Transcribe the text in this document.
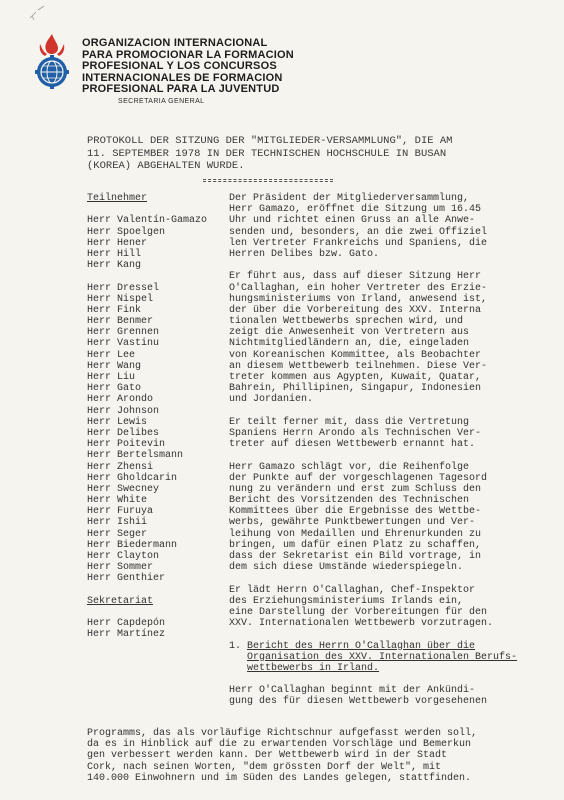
ORGANIZACION INTERNACIONAL
PARA PROMOCIONAR LA FORMACION
PROFESIONAL Y LOS CONCURSOS
INTERNACIONALES DE FORMACION
PROFESIONAL PARA LA JUVENTUD
SECRETARIA GENERAL
PROTOKOLL DER SITZUNG DER "MITGLIEDER-VERSAMMLUNG", DIE AM
11. SEPTEMBER 1978 IN DER TECHNISCHEN HOCHSCHULE IN BUSAN
(KOREA) ABGEHALTEN WURDE.
Teilnehmer

Herr Valentín-Gamazo
Herr Spoelgen
Herr Hener
Herr Hill
Herr Kang

Herr Dressel
Herr Nispel
Herr Fink
Herr Benmer
Herr Grennen
Herr Vastinu
Herr Lee
Herr Wang
Herr Liu
Herr Gato
Herr Arondo
Herr Johnson
Herr Lewis
Herr Delibes
Herr Poitevin
Herr Bertelsmann
Herr Zhensi
Herr Gholdcarin
Herr Swecney
Herr White
Herr Furuya
Herr Ishii
Herr Seger
Herr Biedermann
Herr Clayton
Herr Sommer
Herr Genthier

Sekretariat

Herr Capdepón
Herr Martínez
Der Präsident der Mitgliederversammlung,
Herr Gamazo, eröffnet die Sitzung um 16.45
Uhr und richtet einen Gruss an alle Anwe-
senden und, besonders, an die zwei Offiziel
len Vertreter Frankreichs und Spaniens, die
Herren Delibes bzw. Gato.

Er führt aus, dass auf dieser Sitzung Herr
O'Callaghan, ein hoher Vertreter des Erzie-
hungsministeriums von Irland, anwesend ist,
der über die Vorbereitung des XXV. Interna
tionalen Wettbewerbs sprechen wird, und
zeigt die Anwesenheit von Vertretern aus
Nichtmitgliedländern an, die, eingeladen
von Koreanischen Kommittee, als Beobachter
an diesem Wettbewerb teilnehmen. Diese Ver-
treter kommen aus Agypten, Kuwait, Quatar,
Bahrein, Phillipinen, Singapur, Indonesien
und Jordanien.

Er teilt ferner mit, dass die Vertretung
Spaniens Herrn Arondo als Technischen Ver-
treter auf diesen Wettbewerb ernannt hat.

Herr Gamazo schlägt vor, die Reihenfolge
der Punkte auf der vorgeschlagenen Tagesord
nung zu verändern und erst zum Schluss den
Bericht des Vorsitzenden des Technischen
Kommittees über die Ergebnisse des Wettbe-
werbs, gewährte Punktbewertungen und Ver-
leihung von Medaillen und Ehrenurkunden zu
bringen, um dafür einen Platz zu schaffen,
dass der Sekretarist ein Bild vortrage, in
dem sich diese Umstände wiederspiegeln.

Er lädt Herrn O'Callaghan, Chef-Inspektor
des Erziehungsministeriums Irlands ein,
eine Darstellung der Vorbereitungen für den
XXV. Internationalen Wettbewerb vorzutragen.

1. Bericht des Herrn O'Callaghan über die
Organisation des XXV. Internationalen Berufs-
wettbewerbs in Irland.

Herr O'Callaghan beginnt mit der Ankündi-
gung des für diesen Wettbewerb vorgesehenen
Programms, das als vorläufige Richtschnur aufgefasst werden soll,
da es in Hinblick auf die zu erwartenden Vorschläge und Bemerkun
gen verbessert werden kann. Der Wettbewerb wird in der Stadt
Cork, nach seinen Worten, "dem grössten Dorf der Welt", mit
140.000 Einwohnern und im Süden des Landes gelegen, stattfinden.
